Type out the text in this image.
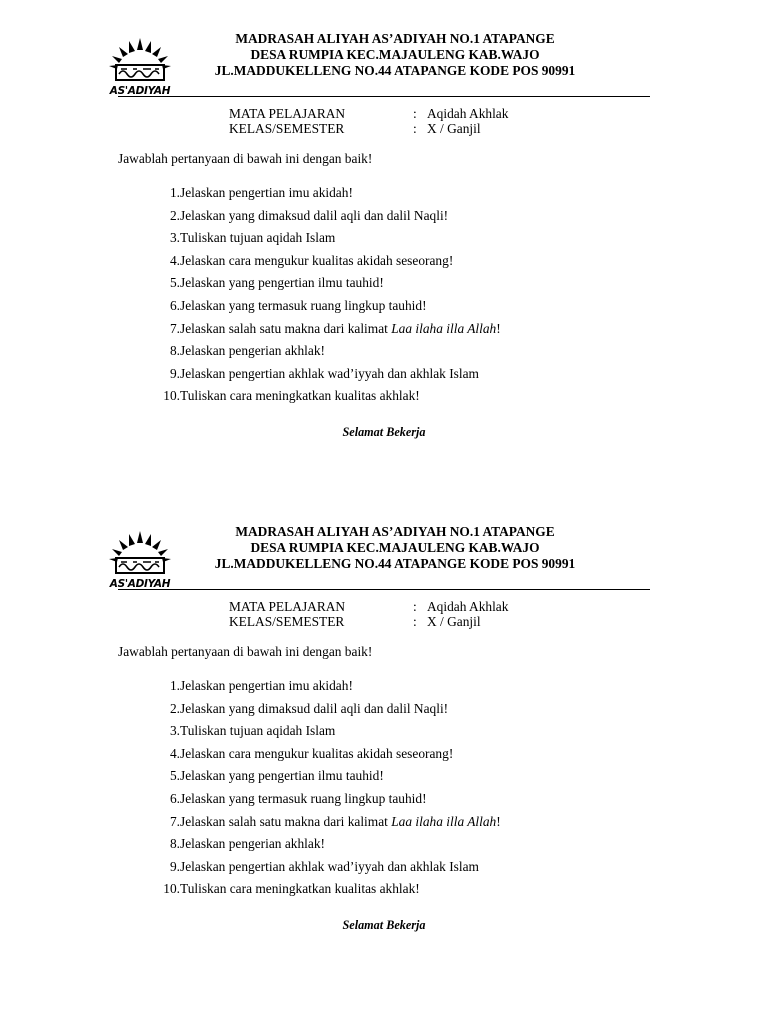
AS'ADIYAH
MADRASAH ALIYAH AS’ADIYAH NO.1 ATAPANGE
DESA RUMPIA KEC.MAJAULENG KAB.WAJO
JL.MADDUKELLENG NO.44 ATAPANGE KODE POS 90991
MATA PELAJARAN	: Aqidah Akhlak
KELAS/SEMESTER	: X / Ganjil
Jawablah pertanyaan di bawah ini dengan baik!
1. Jelaskan pengertian imu akidah!
2. Jelaskan yang dimaksud dalil aqli dan dalil Naqli!
3. Tuliskan tujuan aqidah Islam
4. Jelaskan cara mengukur kualitas akidah seseorang!
5. Jelaskan yang pengertian ilmu tauhid!
6. Jelaskan yang termasuk ruang lingkup tauhid!
7. Jelaskan salah satu makna dari kalimat Laa ilaha illa Allah!
8. Jelaskan pengerian akhlak!
9. Jelaskan pengertian akhlak wad’iyyah dan akhlak Islam
10. Tuliskan cara meningkatkan kualitas akhlak!
Selamat Bekerja
AS'ADIYAH
MADRASAH ALIYAH AS’ADIYAH NO.1 ATAPANGE
DESA RUMPIA KEC.MAJAULENG KAB.WAJO
JL.MADDUKELLENG NO.44 ATAPANGE KODE POS 90991
MATA PELAJARAN	: Aqidah Akhlak
KELAS/SEMESTER	: X / Ganjil
Jawablah pertanyaan di bawah ini dengan baik!
1. Jelaskan pengertian imu akidah!
2. Jelaskan yang dimaksud dalil aqli dan dalil Naqli!
3. Tuliskan tujuan aqidah Islam
4. Jelaskan cara mengukur kualitas akidah seseorang!
5. Jelaskan yang pengertian ilmu tauhid!
6. Jelaskan yang termasuk ruang lingkup tauhid!
7. Jelaskan salah satu makna dari kalimat Laa ilaha illa Allah!
8. Jelaskan pengerian akhlak!
9. Jelaskan pengertian akhlak wad’iyyah dan akhlak Islam
10. Tuliskan cara meningkatkan kualitas akhlak!
Selamat Bekerja
